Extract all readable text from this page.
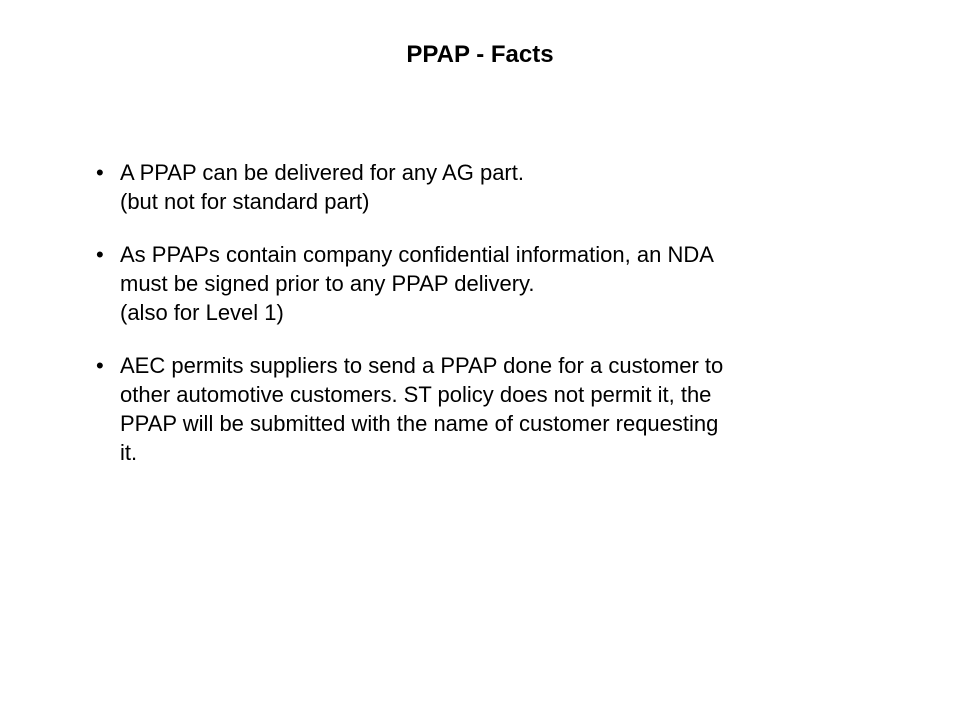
PPAP - Facts
• A PPAP can be delivered for any AG part.
(but not for standard part)
• As PPAPs contain company confidential information, an NDA
must be signed prior to any PPAP delivery.
(also for Level 1)
• AEC permits suppliers to send a PPAP done for a customer to
other automotive customers. ST policy does not permit it, the
PPAP will be submitted with the name of customer requesting
it.
